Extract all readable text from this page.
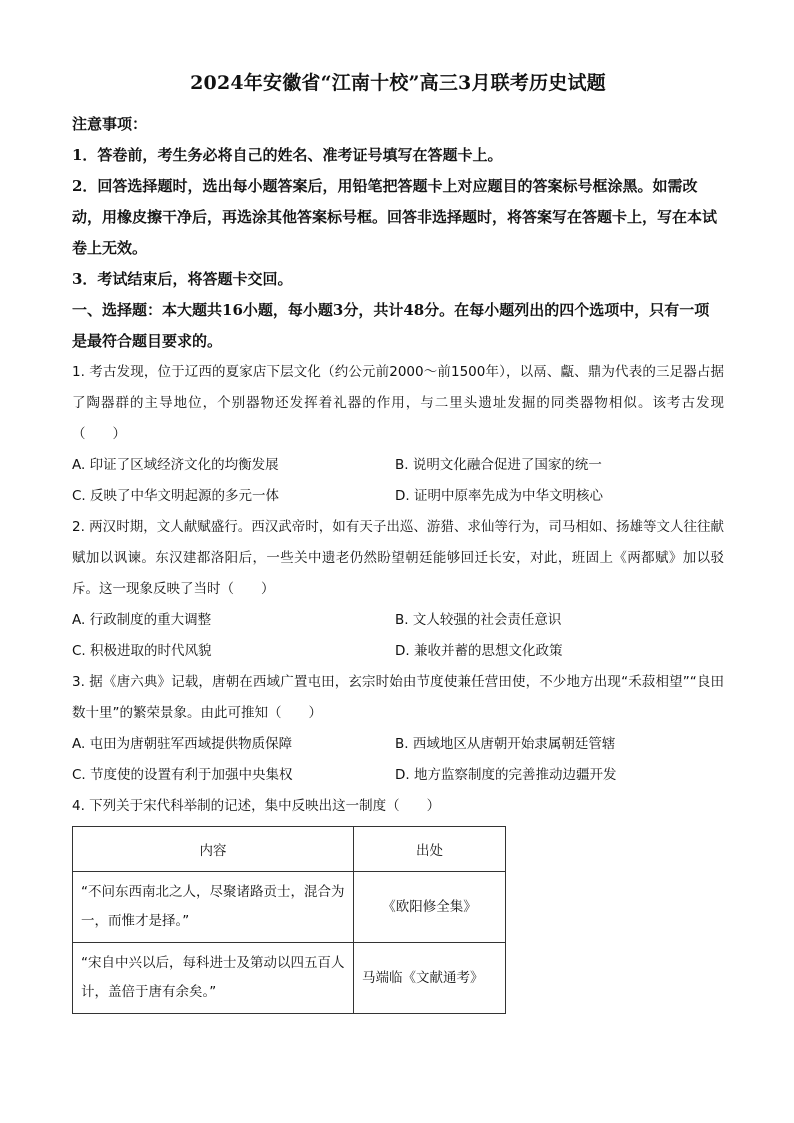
2024年安徽省“江南十校”高三3月联考历史试题

注意事项：

1．答卷前，考生务必将自己的姓名、准考证号填写在答题卡上。

2．回答选择题时，选出每小题答案后，用铅笔把答题卡上对应题目的答案标号框涂黑。如需改动，用橡皮擦干净后，再选涂其他答案标号框。回答非选择题时，将答案写在答题卡上，写在本试卷上无效。

3．考试结束后，将答题卡交回。

一、选择题：本大题共16小题，每小题3分，共计48分。在每小题列出的四个选项中，只有一项是最符合题目要求的。

1. 考古发现，位于辽西的夏家店下层文化（约公元前2000～前1500年），以鬲、甗、鼎为代表的三足器占据了陶器群的主导地位，个别器物还发挥着礼器的作用，与二里头遗址发掘的同类器物相似。该考古发现（　　）

A. 印证了区域经济文化的均衡发展	B. 说明文化融合促进了国家的统一
C. 反映了中华文明起源的多元一体	D. 证明中原率先成为中华文明核心

2. 两汉时期，文人献赋盛行。西汉武帝时，如有天子出巡、游猎、求仙等行为，司马相如、扬雄等文人往往献赋加以讽谏。东汉建都洛阳后，一些关中遗老仍然盼望朝廷能够回迁长安，对此，班固上《两都赋》加以驳斥。这一现象反映了当时（　　）

A. 行政制度的重大调整	B. 文人较强的社会责任意识
C. 积极进取的时代风貌	D. 兼收并蓄的思想文化政策

3. 据《唐六典》记载，唐朝在西域广置屯田，玄宗时始由节度使兼任营田使，不少地方出现“禾菽相望”“良田数十里”的繁荣景象。由此可推知（　　）

A. 屯田为唐朝驻军西域提供物质保障	B. 西域地区从唐朝开始隶属朝廷管辖
C. 节度使的设置有利于加强中央集权	D. 地方监察制度的完善推动边疆开发

4. 下列关于宋代科举制的记述，集中反映出这一制度（　　）

内容	出处
“不问东西南北之人，尽聚诸路贡士，混合为一，而惟才是择。”	《欧阳修全集》
“宋自中兴以后，每科进士及第动以四五百人计，盖倍于唐有余矣。”	马端临《文献通考》
